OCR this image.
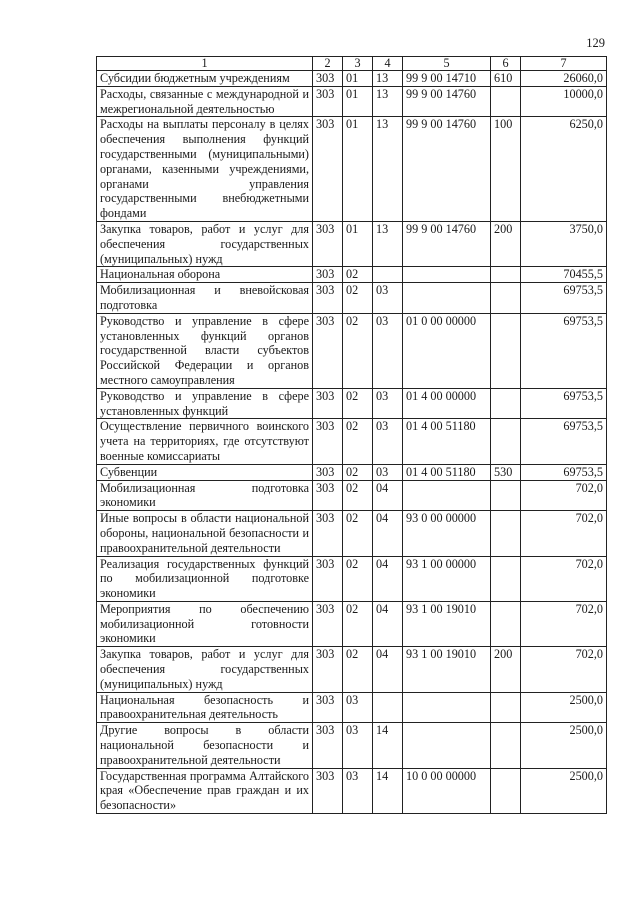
129
1	2	3	4	5	6	7
Субсидии бюджетным учреждениям	303	01	13	99 9 00 14710	610	26060,0
Расходы, связанные с международной и межрегиональной деятельностью	303	01	13	99 9 00 14760		10000,0
Расходы на выплаты персоналу в целях обеспечения выполнения функций государственными (муниципальными) органами, казенными учреждениями, органами управления государственными внебюджетными фондами	303	01	13	99 9 00 14760	100	6250,0
Закупка товаров, работ и услуг для обеспечения государственных (муниципальных) нужд	303	01	13	99 9 00 14760	200	3750,0
Национальная оборона	303	02				70455,5
Мобилизационная и вневойсковая подготовка	303	02	03			69753,5
Руководство и управление в сфере установленных функций органов государственной власти субъектов Российской Федерации и органов местного самоуправления	303	02	03	01 0 00 00000		69753,5
Руководство и управление в сфере установленных функций	303	02	03	01 4 00 00000		69753,5
Осуществление первичного воинского учета на территориях, где отсутствуют военные комиссариаты	303	02	03	01 4 00 51180		69753,5
Субвенции	303	02	03	01 4 00 51180	530	69753,5
Мобилизационная подготовка экономики	303	02	04			702,0
Иные вопросы в области национальной обороны, национальной безопасности и правоохранительной деятельности	303	02	04	93 0 00 00000		702,0
Реализация государственных функций по мобилизационной подготовке экономики	303	02	04	93 1 00 00000		702,0
Мероприятия по обеспечению мобилизационной готовности экономики	303	02	04	93 1 00 19010		702,0
Закупка товаров, работ и услуг для обеспечения государственных (муниципальных) нужд	303	02	04	93 1 00 19010	200	702,0
Национальная безопасность и правоохранительная деятельность	303	03				2500,0
Другие вопросы в области национальной безопасности и правоохранительной деятельности	303	03	14			2500,0
Государственная программа Алтайского края «Обеспечение прав граждан и их безопасности»	303	03	14	10 0 00 00000		2500,0
